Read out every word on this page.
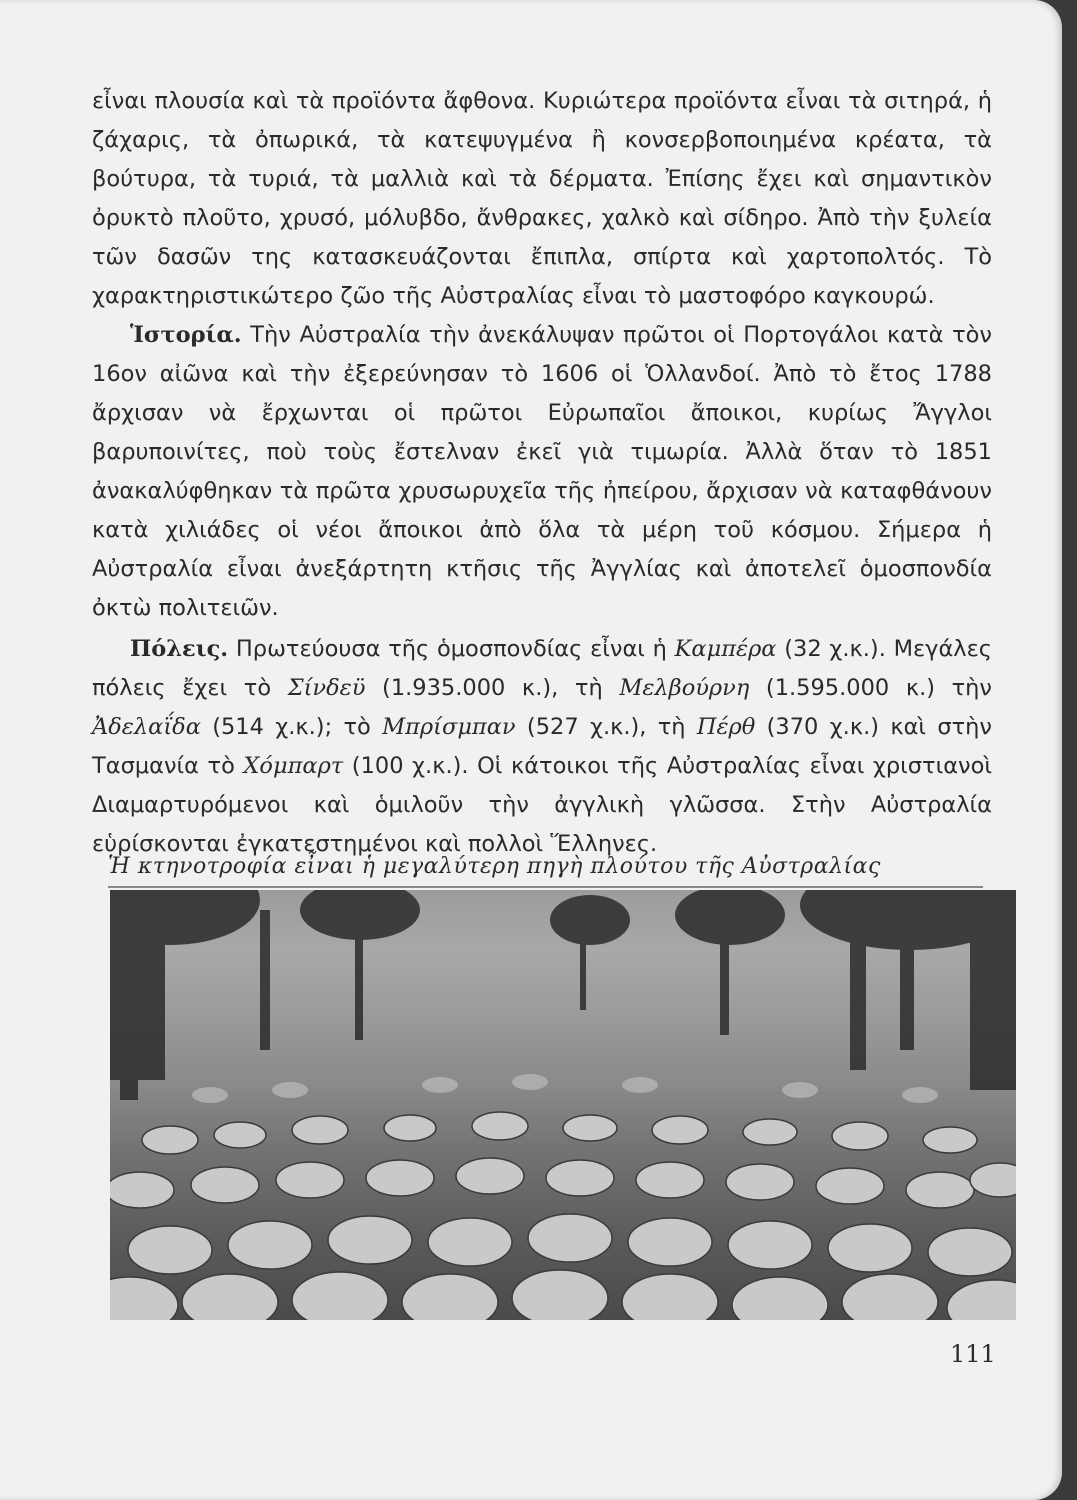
εἶναι πλουσία καὶ τὰ προϊόντα ἄφθονα. Κυριώτερα προϊόντα εἶναι τὰ σιτηρά, ἡ ζάχαρις, τὰ ὀπωρικά, τὰ κατεψυγμένα ἢ κονσερβοποιημένα κρέατα, τὰ βούτυρα, τὰ τυριά, τὰ μαλλιὰ καὶ τὰ δέρματα. Ἐπίσης ἔχει καὶ σημαντικὸν ὀρυκτὸ πλοῦτο, χρυσό, μόλυβδο, ἄνθρακες, χαλκὸ καὶ σίδηρο. Ἀπὸ τὴν ξυλεία τῶν δασῶν της κατασκευάζονται ἔπιπλα, σπίρτα καὶ χαρτοπολτός. Τὸ χαρακτηριστικώτερο ζῶο τῆς Αὐστραλίας εἶναι τὸ μαστοφόρο καγκουρώ.

Ἱστορία. Τὴν Αὐστραλία τὴν ἀνεκάλυψαν πρῶτοι οἱ Πορτογάλοι κατὰ τὸν 16ον αἰῶνα καὶ τὴν ἐξερεύνησαν τὸ 1606 οἱ Ὁλλανδοί. Ἀπὸ τὸ ἔτος 1788 ἄρχισαν νὰ ἔρχωνται οἱ πρῶτοι Εὐρωπαῖοι ἄποικοι, κυρίως Ἄγγλοι βαρυποινίτες, ποὺ τοὺς ἔστελναν ἐκεῖ γιὰ τιμωρία. Ἀλλὰ ὅταν τὸ 1851 ἀνακαλύφθηκαν τὰ πρῶτα χρυσωρυχεῖα τῆς ἠπείρου, ἄρχισαν νὰ καταφθάνουν κατὰ χιλιάδες οἱ νέοι ἄποικοι ἀπὸ ὅλα τὰ μέρη τοῦ κόσμου. Σήμερα ἡ Αὐστραλία εἶναι ἀνεξάρτητη κτῆσις τῆς Ἀγγλίας καὶ ἀποτελεῖ ὁμοσπονδία ὀκτὼ πολιτειῶν.

Πόλεις. Πρωτεύουσα τῆς ὁμοσπονδίας εἶναι ἡ Καμπέρα (32 χ.κ.). Μεγάλες πόλεις ἔχει τὸ Σίνδεϋ (1.935.000 κ.), τὴ Μελβούρνη (1.595.000 κ.) τὴν Ἀδελαΐδα (514 χ.κ.); τὸ Μπρίσμπαν (527 χ.κ.), τὴ Πέρθ (370 χ.κ.) καὶ στὴν Τασμανία τὸ Χόμπαρτ (100 χ.κ.). Οἱ κάτοικοι τῆς Αὐστραλίας εἶναι χριστιανοὶ Διαμαρτυρόμενοι καὶ ὁμιλοῦν τὴν ἀγγλικὴ γλῶσσα. Στὴν Αὐστραλία εὑρίσκονται ἐγκατεστημένοι καὶ πολλοὶ Ἕλληνες.

Ἡ κτηνοτροφία εἶναι ἡ μεγαλύτερη πηγὴ πλούτου τῆς Αὐστραλίας
111
